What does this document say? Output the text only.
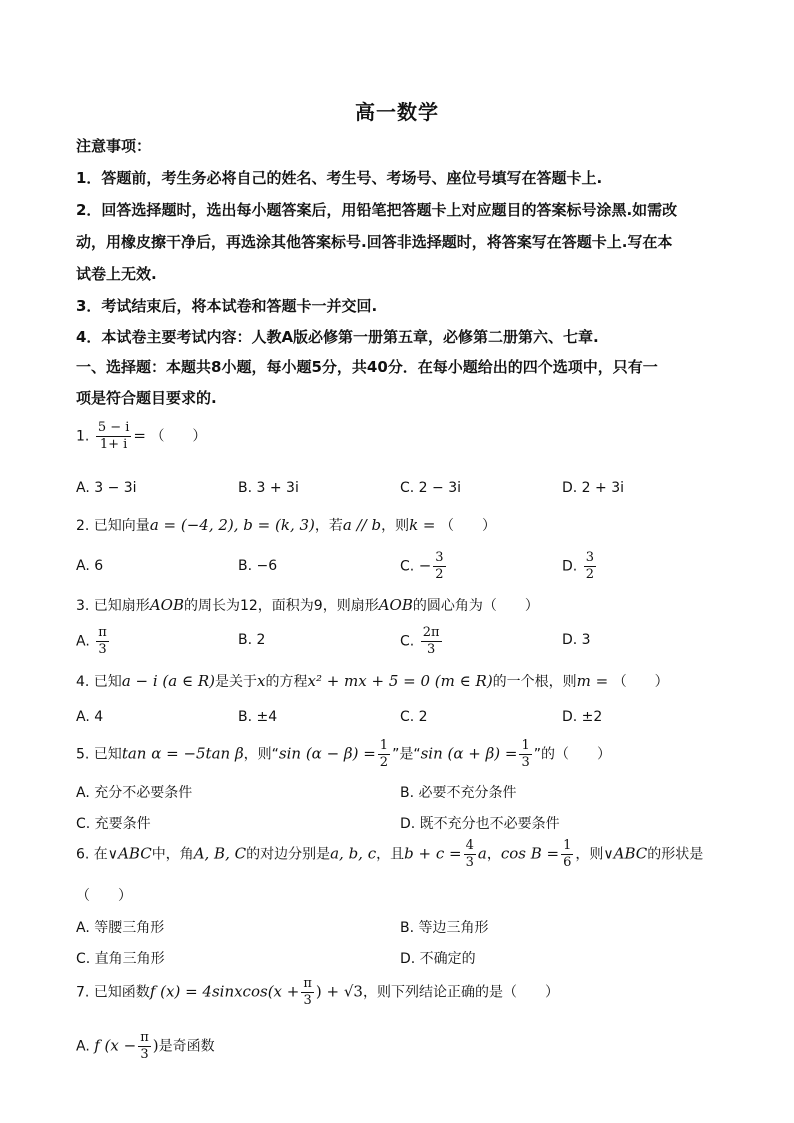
高一数学
注意事项：
1．答题前，考生务必将自己的姓名、考生号、考场号、座位号填写在答题卡上.
2．回答选择题时，选出每小题答案后，用铅笔把答题卡上对应题目的答案标号涂黑.如需改
动，用橡皮擦干净后，再选涂其他答案标号.回答非选择题时，将答案写在答题卡上.写在本
试卷上无效.
3．考试结束后，将本试卷和答题卡一并交回.
4．本试卷主要考试内容：人教A版必修第一册第五章，必修第二册第六、七章.
一、选择题：本题共8小题，每小题5分，共40分．在每小题给出的四个选项中，只有一
项是符合题目要求的.
1. $\frac{5 - i}{1+ i}$ = （　　）
A. 3 − 3i	B. 3 + 3i	C. 2 − 3i	D. 2 + 3i
2. 已知向量a = (−4, 2), b = (k, 3)，若a // b，则k = （　　）
A. 6	B. −6	C. − $\frac{3}{2}$	D. $\frac{3}{2}$
3. 已知扇形AOB的周长为12，面积为9，则扇形AOB的圆心角为（　　）
A. $\frac{\pi}{3}$	B. 2	C. $\frac{2\pi}{3}$	D. 3
4. 已知a − i (a ∈ R)是关于x的方程x² + mx + 5 = 0 (m ∈ R)的一个根，则m = （　　）
A. 4	B. ±4	C. 2	D. ±2
5. 已知tan α = −5tan β，则“sin $(\alpha - \beta) = \frac{1}{2}$ ”是“sin $(\alpha + \beta) = \frac{1}{3}$ ”的（　　）
A. 充分不必要条件	B. 必要不充分条件
C. 充要条件	D. 既不充分也不必要条件
6. 在∨ABC中，角A, B, C的对边分别是a, b, c，且$b + c = \frac{4}{3}$ a，$\cos B = \frac{1}{6}$ ，则∨ABC的形状是
（　　）
A. 等腰三角形	B. 等边三角形
C. 直角三角形	D. 不确定的
7. 已知函数f (x) = 4sinxcos(x + $\frac{\pi}{3}$ ) + √3，则下列结论正确的是（　　）
A. f ($x - \frac{\pi}{3}$ )是奇函数
